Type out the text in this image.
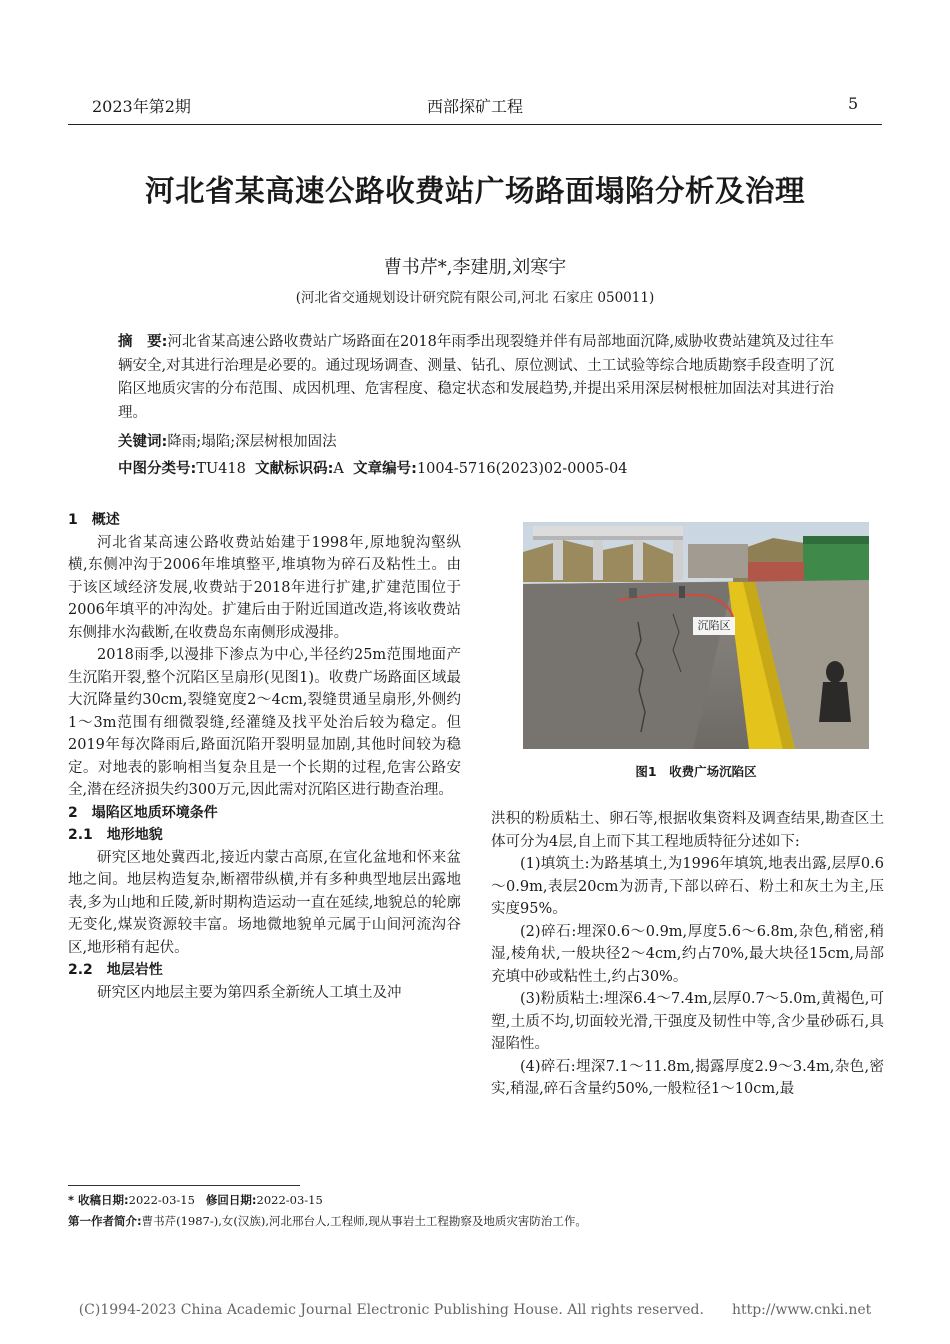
2023年第2期	西部探矿工程	5
河北省某高速公路收费站广场路面塌陷分析及治理
曹书芹*,李建朋,刘寒宇
(河北省交通规划设计研究院有限公司,河北 石家庄 050011)
摘　要:河北省某高速公路收费站广场路面在2018年雨季出现裂缝并伴有局部地面沉降,威胁收费站建筑及过往车辆安全,对其进行治理是必要的。通过现场调查、测量、钻孔、原位测试、土工试验等综合地质勘察手段查明了沉陷区地质灾害的分布范围、成因机理、危害程度、稳定状态和发展趋势,并提出采用深层树根桩加固法对其进行治理。
关键词:降雨;塌陷;深层树根加固法
中图分类号:TU418 文献标识码:A 文章编号:1004-5716(2023)02-0005-04

1　概述

河北省某高速公路收费站始建于1998年,原地貌沟壑纵横,东侧冲沟于2006年堆填整平,堆填物为碎石及粘性土。由于该区域经济发展,收费站于2018年进行扩建,扩建范围位于2006年填平的冲沟处。扩建后由于附近国道改造,将该收费站东侧排水沟截断,在收费岛东南侧形成漫排。

2018雨季,以漫排下渗点为中心,半径约25m范围地面产生沉陷开裂,整个沉陷区呈扇形(见图1)。收费广场路面区域最大沉降量约30cm,裂缝宽度2～4cm,裂缝贯通呈扇形,外侧约1～3m范围有细微裂缝,经灌缝及找平处治后较为稳定。但2019年每次降雨后,路面沉陷开裂明显加剧,其他时间较为稳定。对地表的影响相当复杂且是一个长期的过程,危害公路安全,潜在经济损失约300万元,因此需对沉陷区进行勘查治理。

2　塌陷区地质环境条件

2.1　地形地貌

研究区地处冀西北,接近内蒙古高原,在宣化盆地和怀来盆地之间。地层构造复杂,断褶带纵横,并有多种典型地层出露地表,多为山地和丘陵,新时期构造运动一直在延续,地貌总的轮廓无变化,煤炭资源较丰富。场地微地貌单元属于山间河流沟谷区,地形稍有起伏。

2.2　地层岩性

研究区内地层主要为第四系全新统人工填土及冲

沉陷区
图1　收费广场沉陷区

洪积的粉质粘土、卵石等,根据收集资料及调查结果,勘查区土体可分为4层,自上而下其工程地质特征分述如下:

(1)填筑土:为路基填土,为1996年填筑,地表出露,层厚0.6～0.9m,表层20cm为沥青,下部以碎石、粉土和灰土为主,压实度95%。

(2)碎石:埋深0.6～0.9m,厚度5.6～6.8m,杂色,稍密,稍湿,棱角状,一般块径2～4cm,约占70%,最大块径15cm,局部充填中砂或粘性土,约占30%。

(3)粉质粘土:埋深6.4～7.4m,层厚0.7～5.0m,黄褐色,可塑,土质不均,切面较光滑,干强度及韧性中等,含少量砂砾石,具湿陷性。

(4)碎石:埋深7.1～11.8m,揭露厚度2.9～3.4m,杂色,密实,稍湿,碎石含量约50%,一般粒径1～10cm,最

* 收稿日期:2022-03-15 修回日期:2022-03-15
第一作者简介:曹书芹(1987-),女(汉族),河北邢台人,工程师,现从事岩土工程勘察及地质灾害防治工作。
(C)1994-2023 China Academic Journal Electronic Publishing House. All rights reserved.　　http://www.cnki.net
